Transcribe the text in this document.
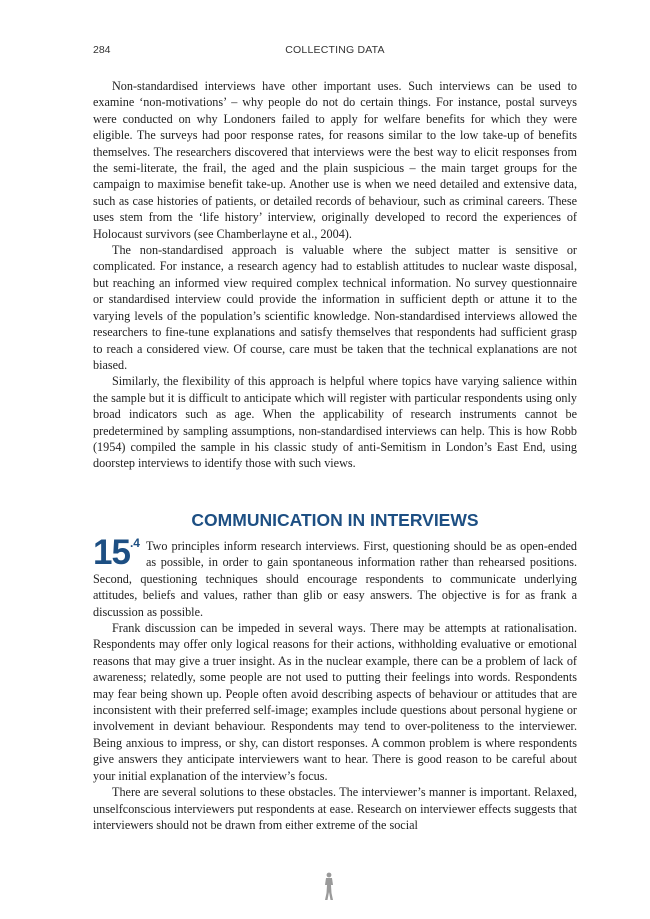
284	COLLECTING DATA

Non-standardised interviews have other important uses. Such interviews can be used to examine ‘non-motivations’ – why people do not do certain things. For instance, postal surveys were conducted on why Londoners failed to apply for welfare benefits for which they were eligible. The surveys had poor response rates, for reasons similar to the low take-up of benefits themselves. The researchers discovered that interviews were the best way to elicit responses from the semi-literate, the frail, the aged and the plain suspicious – the main target groups for the campaign to maximise benefit take-up. Another use is when we need detailed and extensive data, such as case histories of patients, or detailed records of behaviour, such as criminal careers. These uses stem from the ‘life history’ interview, originally developed to record the experiences of Holocaust survivors (see Chamberlayne et al., 2004).

The non-standardised approach is valuable where the subject matter is sensitive or complicated. For instance, a research agency had to establish attitudes to nuclear waste disposal, but reaching an informed view required complex technical information. No survey questionnaire or standardised interview could provide the information in sufficient depth or attune it to the varying levels of the population’s scientific knowledge. Non-standardised interviews allowed the researchers to fine-tune explanations and satisfy themselves that respondents had sufficient grasp to reach a considered view. Of course, care must be taken that the technical explanations are not biased.

Similarly, the flexibility of this approach is helpful where topics have varying salience within the sample but it is difficult to anticipate which will register with particular respondents using only broad indicators such as age. When the applicability of research instruments cannot be predetermined by sampling assumptions, non-standardised interviews can help. This is how Robb (1954) compiled the sample in his classic study of anti-Semitism in London’s East End, using doorstep interviews to identify those with such views.

COMMUNICATION IN INTERVIEWS

15.4 Two principles inform research interviews. First, questioning should be as open-ended as possible, in order to gain spontaneous information rather than rehearsed positions. Second, questioning techniques should encourage respondents to communicate underlying attitudes, beliefs and values, rather than glib or easy answers. The objective is for as frank a discussion as possible.

Frank discussion can be impeded in several ways. There may be attempts at rationalisation. Respondents may offer only logical reasons for their actions, withholding evaluative or emotional reasons that may give a truer insight. As in the nuclear example, there can be a problem of lack of awareness; relatedly, some people are not used to putting their feelings into words. Respondents may fear being shown up. People often avoid describing aspects of behaviour or attitudes that are inconsistent with their preferred self-image; examples include questions about personal hygiene or involvement in deviant behaviour. Respondents may tend to over-politeness to the interviewer. Being anxious to impress, or shy, can distort responses. A common problem is where respondents give answers they anticipate interviewers want to hear. There is good reason to be careful about your initial explanation of the interview’s focus.

There are several solutions to these obstacles. The interviewer’s manner is important. Relaxed, unselfconscious interviewers put respondents at ease. Research on interviewer effects suggests that interviewers should not be drawn from either extreme of the social
